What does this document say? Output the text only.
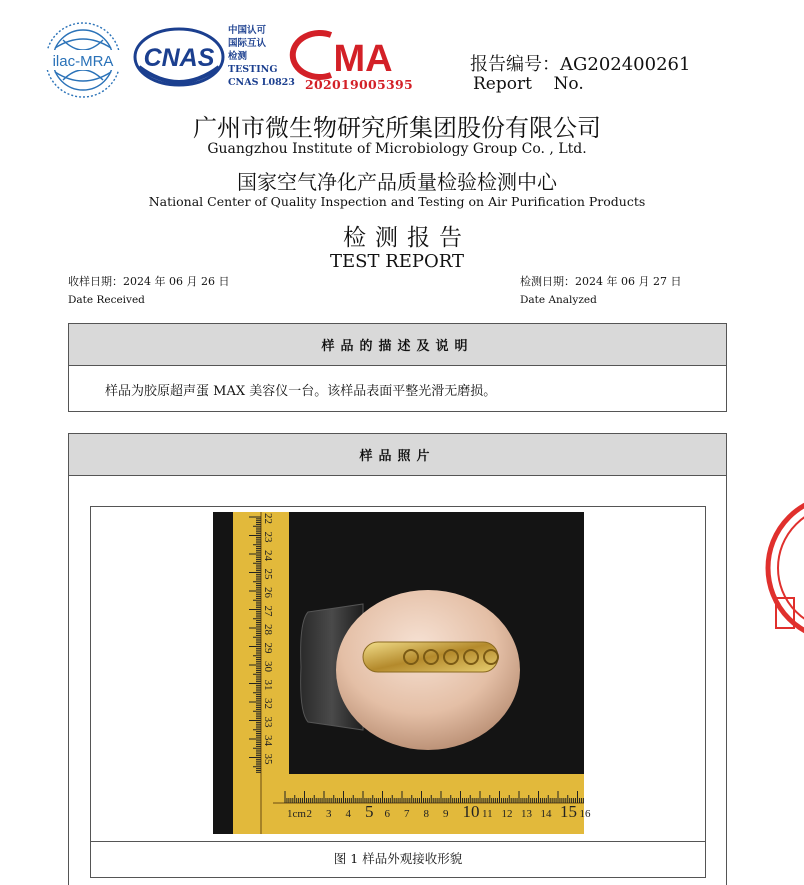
ilac-MRA CNAS
中国认可
国际互认
检测
TESTING
CNAS L0823
MA
202019005395
报告编号：AG202400261
Report    No.
广州市微生物研究所集团股份有限公司
Guangzhou Institute of Microbiology Group Co. , Ltd.
国家空气净化产品质量检验检测中心
National Center of Quality Inspection and Testing on Air Purification Products
检测报告
TEST REPORT
收样日期：2024 年 06 月 26 日
Date Received
检测日期：2024 年 06 月 27 日
Date Analyzed
样品的描述及说明
样品为胶原超声蛋 MAX 美容仪一台。该样品表面平整光滑无磨损。
样品照片
22
23
24
25
26
27
28
29
30
31
32
33
34
35
1cm 2 3 4 5 6 7 8 9 10 11 12 13 14 15 16
图 1 样品外观接收形貌
